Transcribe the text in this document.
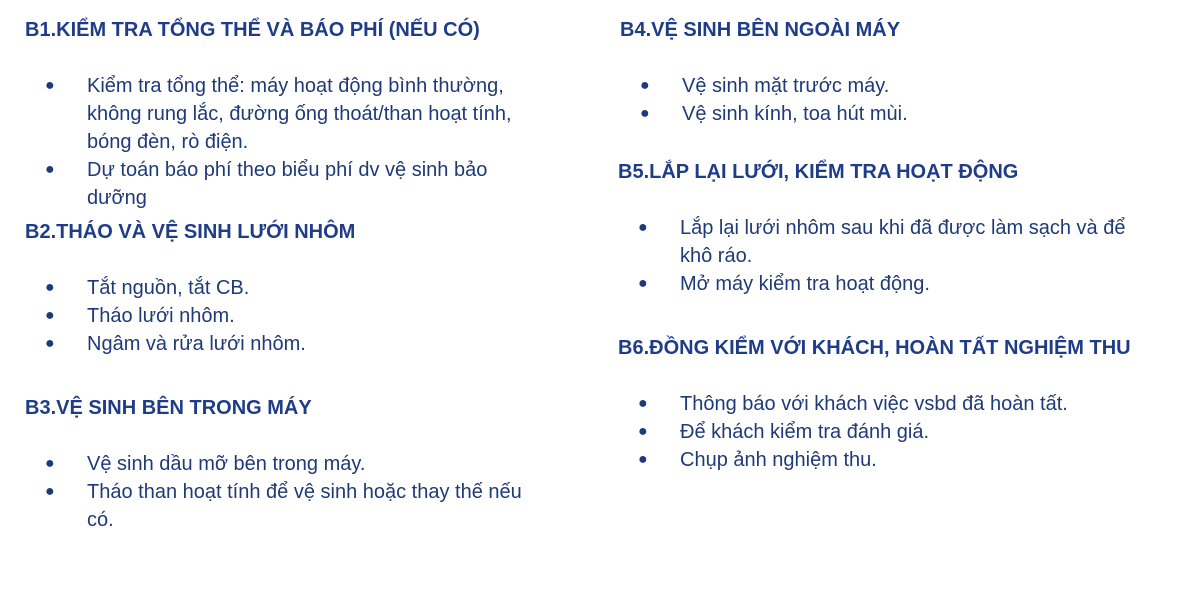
B1.KIỂM TRA TỔNG THỂ VÀ BÁO PHÍ (NẾU CÓ)
● Kiểm tra tổng thể: máy hoạt động bình thường, không rung lắc, đường ống thoát/than hoạt tính, bóng đèn, rò điện.
● Dự toán báo phí theo biểu phí dv vệ sinh bảo dưỡng
B2.THÁO VÀ VỆ SINH LƯỚI NHÔM
● Tắt nguồn, tắt CB.
● Tháo lưới nhôm.
● Ngâm và rửa lưới nhôm.
B3.VỆ SINH BÊN TRONG MÁY
● Vệ sinh dầu mỡ bên trong máy.
● Tháo than hoạt tính để vệ sinh hoặc thay thế nếu có.
B4.VỆ SINH BÊN NGOÀI MÁY
● Vệ sinh mặt trước máy.
● Vệ sinh kính, toa hút mùi.
B5.LẮP LẠI LƯỚI, KIỂM TRA HOẠT ĐỘNG
● Lắp lại lưới nhôm sau khi đã được làm sạch và để khô ráo.
● Mở máy kiểm tra hoạt động.
B6.ĐỒNG KIỂM VỚI KHÁCH, HOÀN TẤT NGHIỆM THU
● Thông báo với khách việc vsbd đã hoàn tất.
● Để khách kiểm tra đánh giá.
● Chụp ảnh nghiệm thu.
